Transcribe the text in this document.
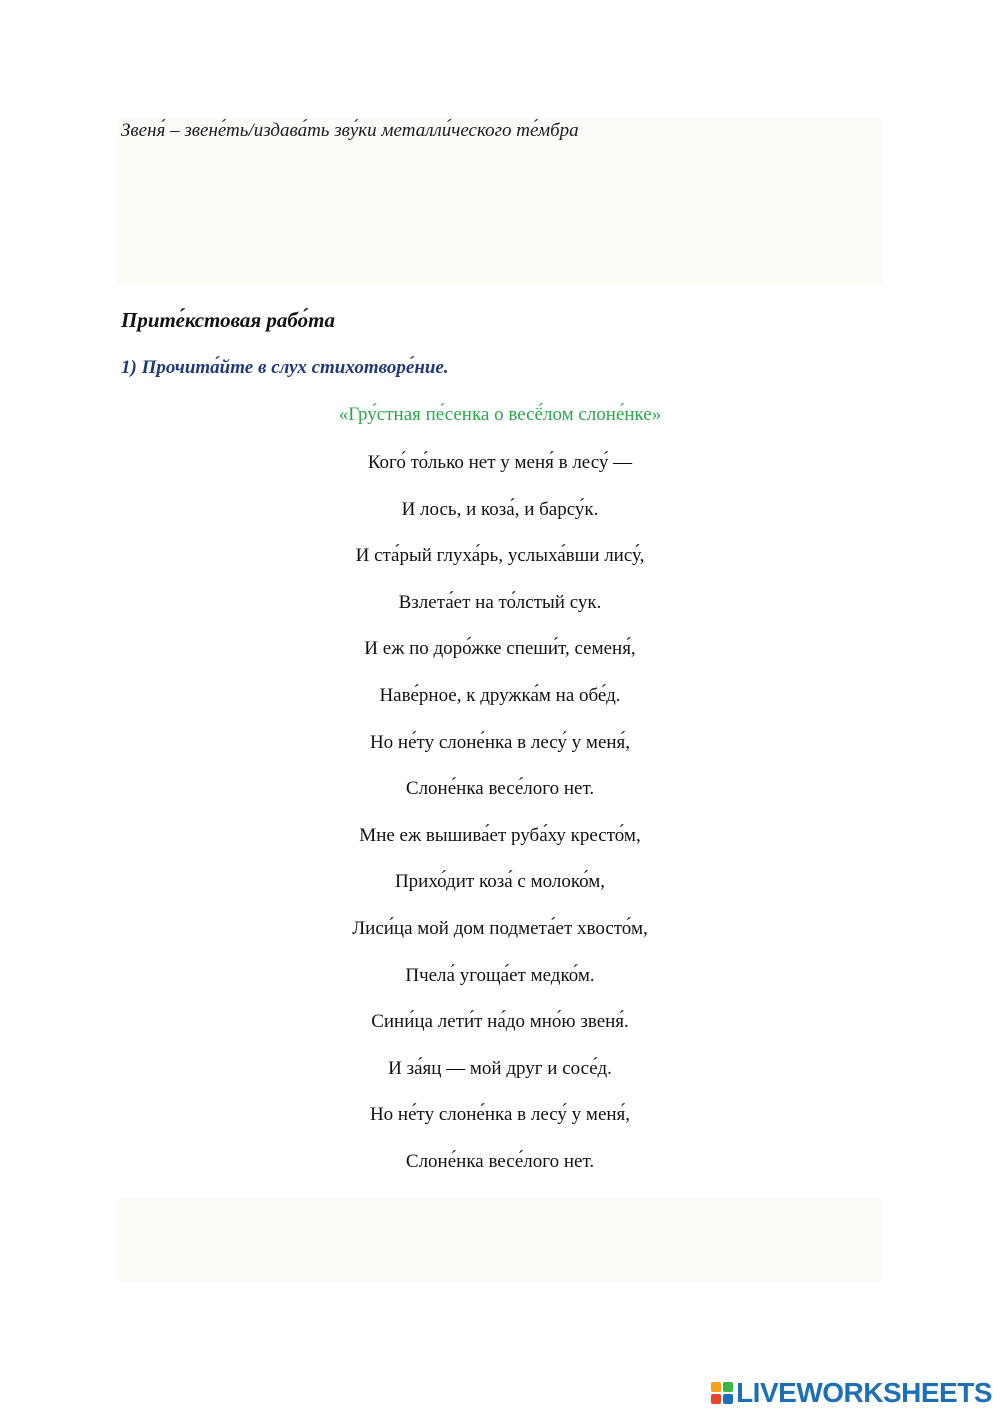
Звеня́ – звене́ть/издава́ть зву́ки металли́ческого те́мбра
Прите́кстовая рабо́та
1) Прочита́йте в слух стихотворе́ние.
«Гру́стная пе́сенка о весё́лом слоне́нке»
Кого́ то́лько нет у меня́ в лесу́ —
И лось, и коза́, и барсу́к.
И ста́рый глуха́рь, услыха́вши лису́,
Взлета́ет на то́лстый сук.
И еж по доро́жке спеши́т, семеня́,
Наве́рное, к дружка́м на обе́д.
Но не́ту слоне́нка в лесу́ у меня́,
Слоне́нка весе́лого нет.
Мне еж вышива́ет руба́ху кресто́м,
Прихо́дит коза́ с молоко́м,
Лиси́ца мой дом подмета́ет хвосто́м,
Пчела́ угоща́ет медко́м.
Сини́ца лети́т на́до мно́ю звеня́.
И за́яц — мой друг и сосе́д.
Но не́ту слоне́нка в лесу́ у меня́,
Слоне́нка весе́лого нет.
LIVEWORKSHEETS
